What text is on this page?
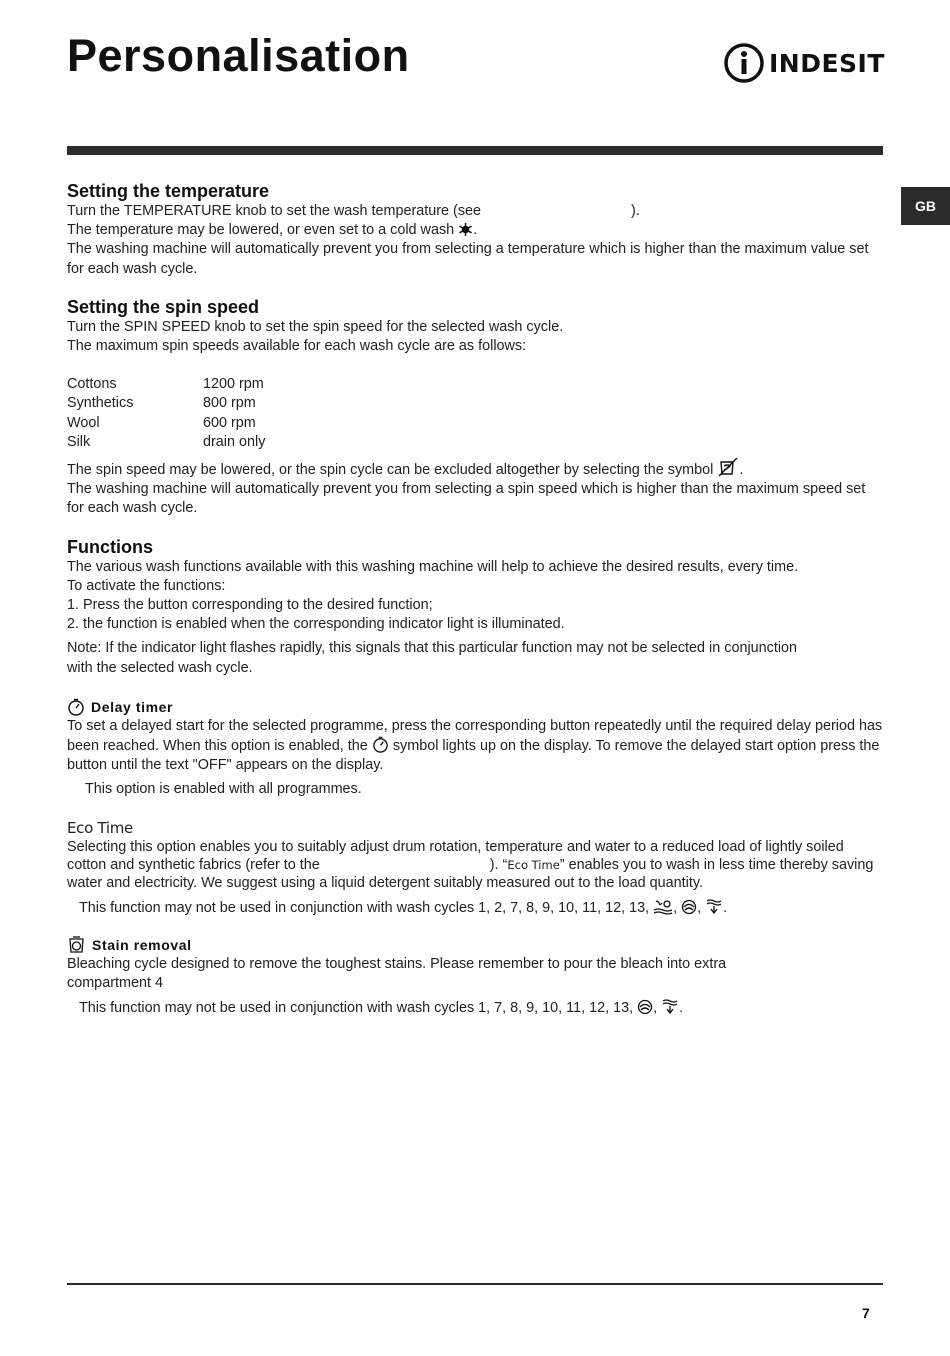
Personalisation	INDESIT
GB
Setting the temperature

Turn the TEMPERATURE knob to set the wash temperature (see	).

The temperature may be lowered, or even set to a cold wash .

The washing machine will automatically prevent you from selecting a temperature which is higher than the maximum value set for each wash cycle.

Setting the spin speed

Turn the SPIN SPEED knob to set the spin speed for the selected wash cycle.

The maximum spin speeds available for each wash cycle are as follows:

Cottons	1200 rpm
Synthetics	800 rpm
Wool	600 rpm
Silk	drain only

The spin speed may be lowered, or the spin cycle can be excluded altogether by selecting the symbol .

The washing machine will automatically prevent you from selecting a spin speed which is higher than the maximum speed set for each wash cycle.

Functions

The various wash functions available with this washing machine will help to achieve the desired results, every time.

To activate the functions:

1. Press the button corresponding to the desired function;

2. the function is enabled when the corresponding indicator light is illuminated.

Note: If the indicator light flashes rapidly, this signals that this particular function may not be selected in conjunction with the selected wash cycle.

Delay timer

To set a delayed start for the selected programme, press the corresponding button repeatedly until the required delay period has been reached. When this option is enabled, the symbol lights up on the display. To remove the delayed start option press the button until the text "OFF" appears on the display.

This option is enabled with all programmes.

Eco Time

Selecting this option enables you to suitably adjust drum rotation, temperature and water to a reduced load of lightly soiled cotton and synthetic fabrics (refer to the	). “Eco Time” enables you to wash in less time thereby saving water and electricity. We suggest using a liquid detergent suitably measured out to the load quantity.

This function may not be used in conjunction with wash cycles 1, 2, 7, 8, 9, 10, 11, 12, 13, , , .

Stain removal

Bleaching cycle designed to remove the toughest stains. Please remember to pour the bleach into extra compartment 4

This function may not be used in conjunction with wash cycles 1, 7, 8, 9, 10, 11, 12, 13, , .

7
